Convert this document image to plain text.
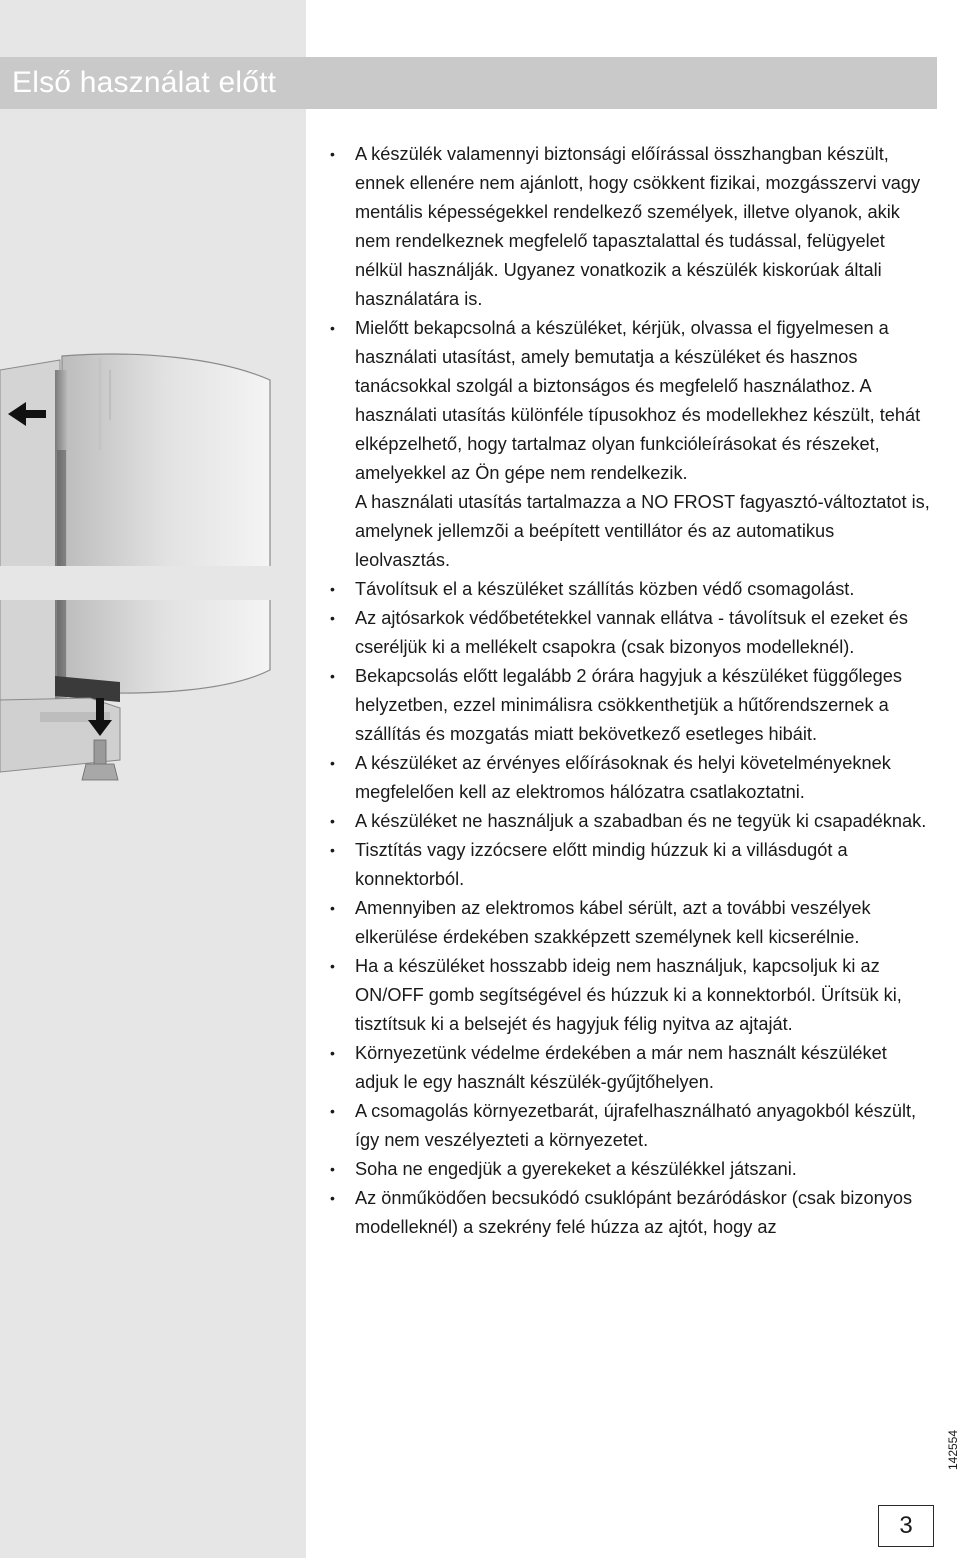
Első használat előtt
•	A készülék valamennyi biztonsági előírással összhangban készült, ennek ellenére nem ajánlott, hogy csökkent fizikai, mozgásszervi vagy mentális képességekkel rendelkező személyek, illetve olyanok, akik nem rendelkeznek megfelelő tapasztalattal és tudással, felügyelet nélkül használják. Ugyanez vonatkozik a készülék kiskorúak általi használatára is.

•	Mielőtt bekapcsolná a készüléket, kérjük, olvassa el figyelmesen a használati utasítást, amely bemutatja a készüléket és hasznos tanácsokkal szolgál a biztonságos és megfelelő használathoz. A használati utasítás különféle típusokhoz és modellekhez készült, tehát elképzelhető, hogy tartalmaz olyan funkcióleírásokat és részeket, amelyekkel az Ön gépe nem rendelkezik.

A használati utasítás tartalmazza a NO FROST fagyasztó-változtatot is, amelynek jellemzõi a beépített ventillátor és az automatikus leolvasztás.

•	Távolítsuk el a készüléket szállítás közben védő csomagolást.

•	Az ajtósarkok védőbetétekkel vannak ellátva - távolítsuk el ezeket és cseréljük ki a mellékelt csapokra (csak bizonyos modelleknél).

•	Bekapcsolás előtt legalább 2 órára hagyjuk a készüléket függőleges helyzetben, ezzel minimálisra csökkenthetjük a hűtőrendszernek a szállítás és mozgatás miatt bekövetkező esetleges hibáit.

•	A készüléket az érvényes előírásoknak és helyi követelményeknek megfelelően kell az elektromos hálózatra csatlakoztatni.

•	A készüléket ne használjuk a szabadban és ne tegyük ki csapadéknak.

•	Tisztítás vagy izzócsere előtt mindig húzzuk ki a villásdugót a konnektorból.

•	Amennyiben az elektromos kábel sérült, azt a további veszélyek elkerülése érdekében szakképzett személynek kell kicserélnie.

•	Ha a készüléket hosszabb ideig nem használjuk, kapcsoljuk ki az ON/OFF gomb segítségével és húzzuk ki a konnektorból. Ürítsük ki, tisztítsuk ki a belsejét és hagyjuk félig nyitva az ajtaját.

•	Környezetünk védelme érdekében a már nem használt készüléket adjuk le egy használt készülék-gyűjtőhelyen.

•	A csomagolás környezetbarát, újrafelhasználható anyagokból készült, így nem veszélyezteti a környezetet.

•	Soha ne engedjük a gyerekeket a készülékkel játszani.

•	Az önműködően becsukódó csuklópánt bezáródáskor (csak bizonyos modelleknél) a szekrény felé húzza az ajtót, hogy az

3
142554
